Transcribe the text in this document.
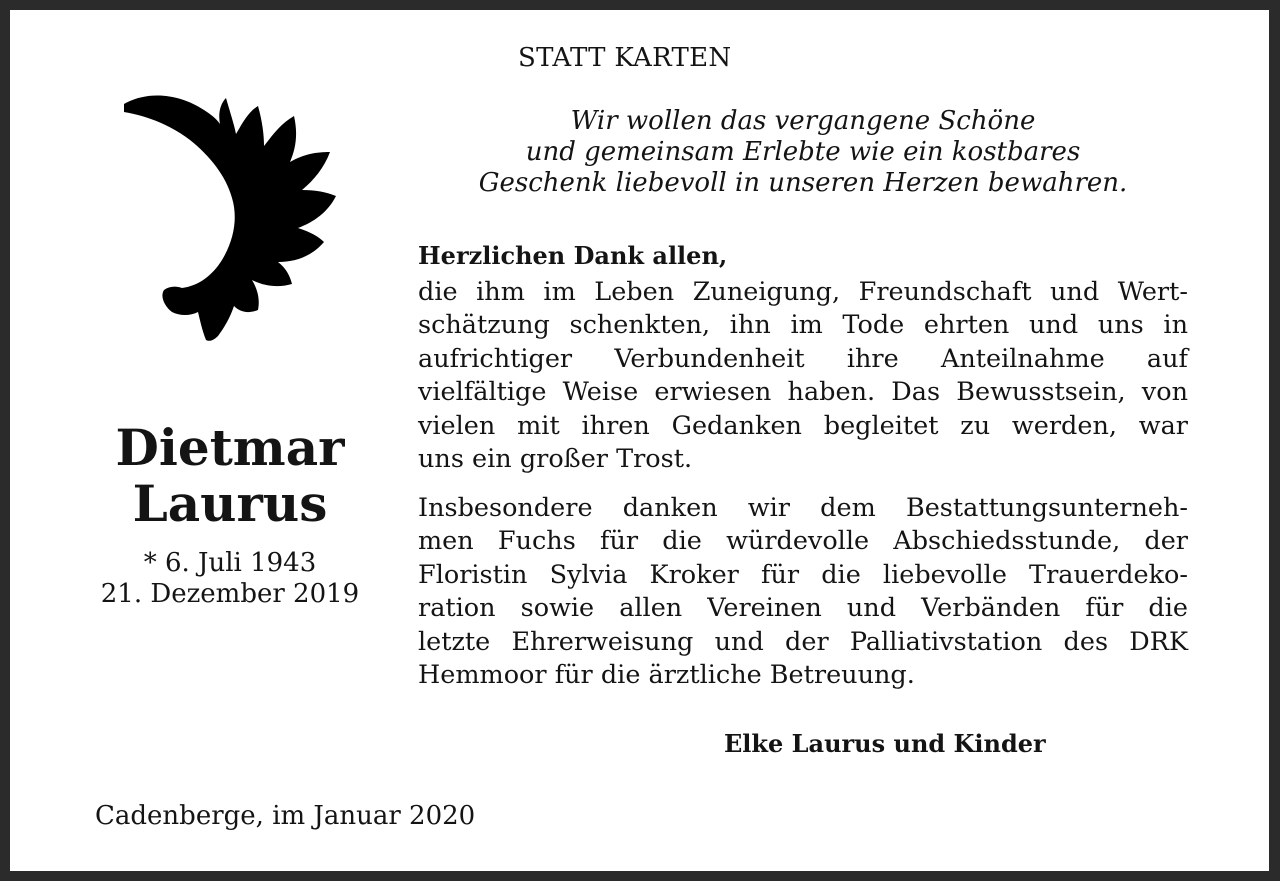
STATT KARTEN
Wir wollen das vergangene Schöne
und gemeinsam Erlebte wie ein kostbares
Geschenk liebevoll in unseren Herzen bewahren.
Dietmar
Laurus
* 6. Juli 1943
21. Dezember 2019
Herzlichen Dank allen,
die ihm im Leben Zuneigung, Freundschaft und Wert-
schätzung schenkten, ihn im Tode ehrten und uns in
aufrichtiger Verbundenheit ihre Anteilnahme auf
vielfältige Weise erwiesen haben. Das Bewusstsein, von
vielen mit ihren Gedanken begleitet zu werden, war
uns ein großer Trost.
Insbesondere danken wir dem Bestattungsunterneh-
men Fuchs für die würdevolle Abschiedsstunde, der
Floristin Sylvia Kroker für die liebevolle Trauerdeko-
ration sowie allen Vereinen und Verbänden für die
letzte Ehrerweisung und der Palliativstation des DRK
Hemmoor für die ärztliche Betreuung.
Elke Laurus und Kinder
Cadenberge, im Januar 2020
